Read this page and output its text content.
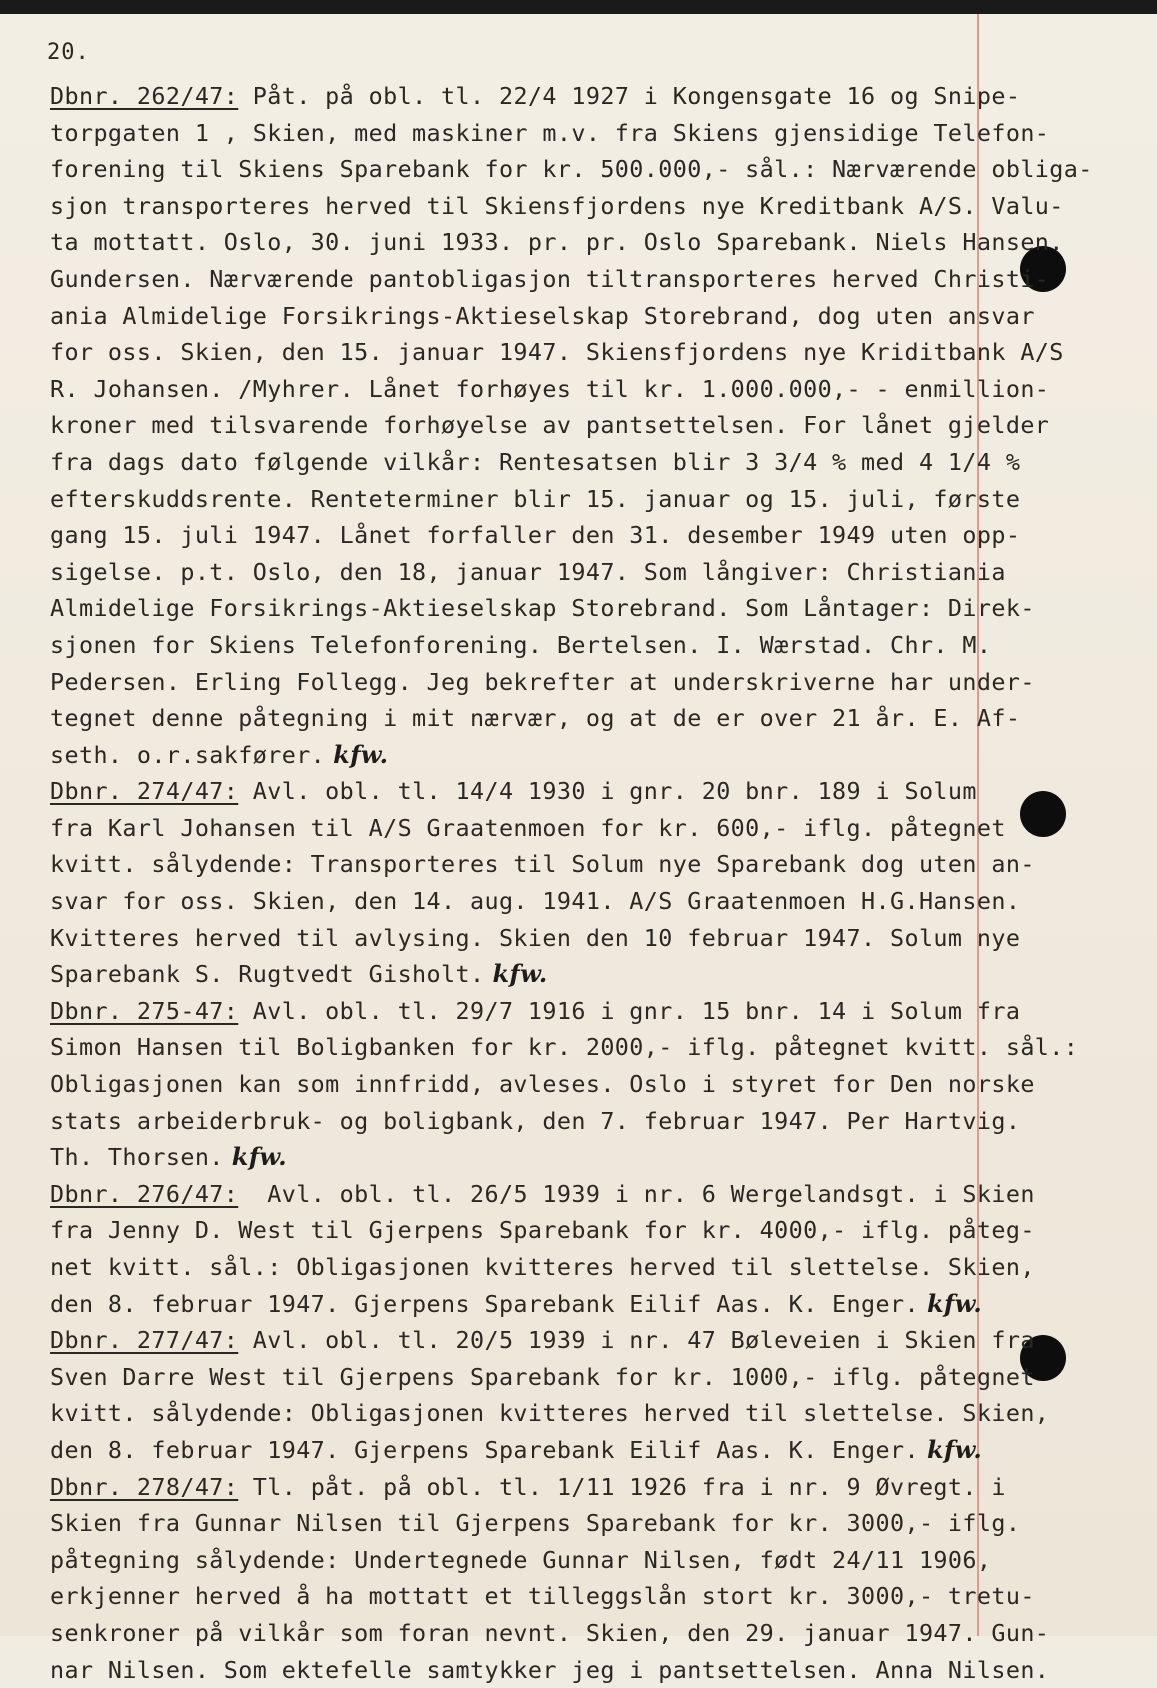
20.
Dbnr. 262/47: Påt. på obl. tl. 22/4 1927 i Kongensgate 16 og Snipe-
torpgaten 1 , Skien, med maskiner m.v. fra Skiens gjensidige Telefon-
forening til Skiens Sparebank for kr. 500.000,- sål.: Nærværende obliga-
sjon transporteres herved til Skiensfjordens nye Kreditbank A/S. Valu-
ta mottatt. Oslo, 30. juni 1933. pr. pr. Oslo Sparebank. Niels Hansen.
Gundersen. Nærværende pantobligasjon tiltransporteres herved Christi-
ania Almidelige Forsikrings-Aktieselskap Storebrand, dog uten ansvar
for oss. Skien, den 15. januar 1947. Skiensfjordens nye Kriditbank A/S
R. Johansen. /Myhrer. Lånet forhøyes til kr. 1.000.000,- - enmillion-
kroner med tilsvarende forhøyelse av pantsettelsen. For lånet gjelder
fra dags dato følgende vilkår: Rentesatsen blir 3 3/4 % med 4 1/4 %
efterskuddsrente. Renteterminer blir 15. januar og 15. juli, første
gang 15. juli 1947. Lånet forfaller den 31. desember 1949 uten opp-
sigelse. p.t. Oslo, den 18, januar 1947. Som långiver: Christiania
Almidelige Forsikrings-Aktieselskap Storebrand. Som Låntager: Direk-
sjonen for Skiens Telefonforening. Bertelsen. I. Wærstad. Chr. M.
Pedersen. Erling Follegg. Jeg bekrefter at underskriverne har under-
tegnet denne påtegning i mit nærvær, og at de er over 21 år. E. Af-
seth. o.r.sakfører. kfw.
Dbnr. 274/47: Avl. obl. tl. 14/4 1930 i gnr. 20 bnr. 189 i Solum
fra Karl Johansen til A/S Graatenmoen for kr. 600,- iflg. påtegnet
kvitt. sålydende: Transporteres til Solum nye Sparebank dog uten an-
svar for oss. Skien, den 14. aug. 1941. A/S Graatenmoen H.G.Hansen.
Kvitteres herved til avlysing. Skien den 10 februar 1947. Solum nye
Sparebank S. Rugtvedt Gisholt. kfw.
Dbnr. 275-47: Avl. obl. tl. 29/7 1916 i gnr. 15 bnr. 14 i Solum fra
Simon Hansen til Boligbanken for kr. 2000,- iflg. påtegnet kvitt. sål.:
Obligasjonen kan som innfridd, avleses. Oslo i styret for Den norske
stats arbeiderbruk- og boligbank, den 7. februar 1947. Per Hartvig.
Th. Thorsen. kfw.
Dbnr. 276/47:  Avl. obl. tl. 26/5 1939 i nr. 6 Wergelandsgt. i Skien
fra Jenny D. West til Gjerpens Sparebank for kr. 4000,- iflg. påteg-
net kvitt. sål.: Obligasjonen kvitteres herved til slettelse. Skien,
den 8. februar 1947. Gjerpens Sparebank Eilif Aas. K. Enger. kfw.
Dbnr. 277/47: Avl. obl. tl. 20/5 1939 i nr. 47 Bøleveien i Skien fra
Sven Darre West til Gjerpens Sparebank for kr. 1000,- iflg. påtegnet
kvitt. sålydende: Obligasjonen kvitteres herved til slettelse. Skien,
den 8. februar 1947. Gjerpens Sparebank Eilif Aas. K. Enger. kfw.
Dbnr. 278/47: Tl. påt. på obl. tl. 1/11 1926 fra i nr. 9 Øvregt. i
Skien fra Gunnar Nilsen til Gjerpens Sparebank for kr. 3000,- iflg.
påtegning sålydende: Undertegnede Gunnar Nilsen, født 24/11 1906,
erkjenner herved å ha mottatt et tilleggslån stort kr. 3000,- tretu-
senkroner på vilkår som foran nevnt. Skien, den 29. januar 1947. Gun-
nar Nilsen. Som ektefelle samtykker jeg i pantsettelsen. Anna Nilsen.
